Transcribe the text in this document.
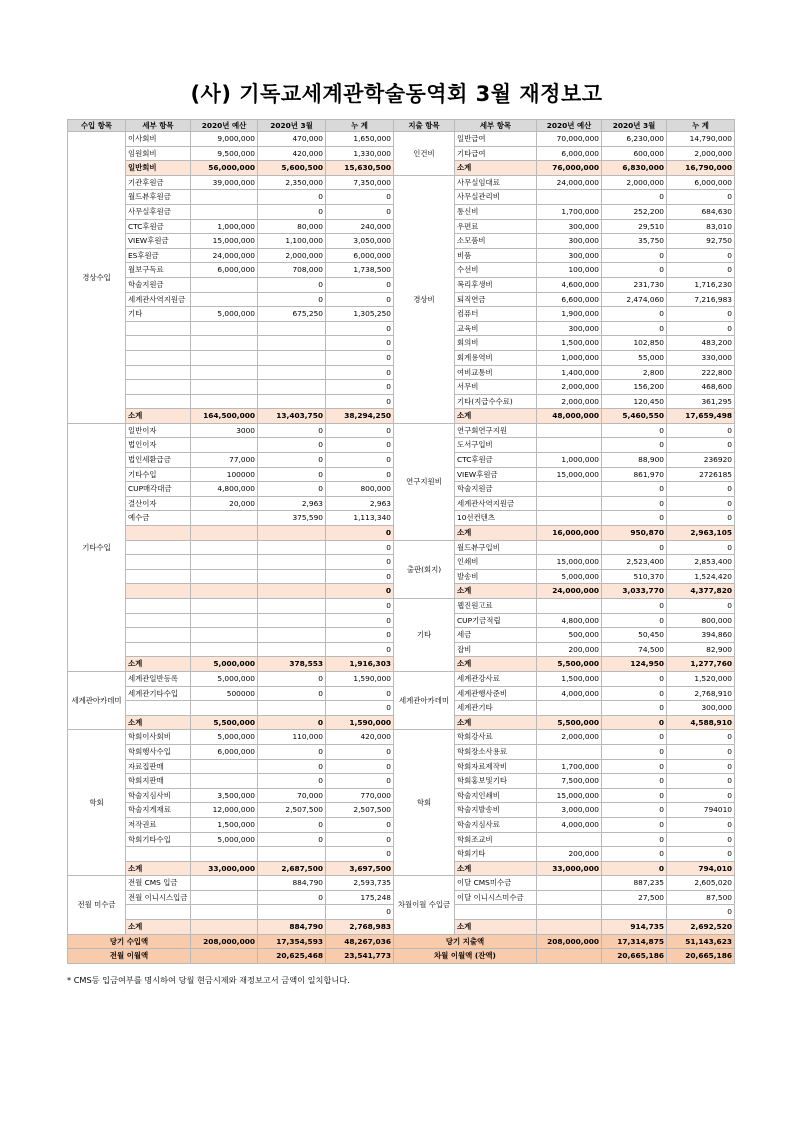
(사) 기독교세계관학술동역회 3월 재정보고
수입 항목	세부 항목	2020년 예산	2020년 3월	누 계	지출 항목	세부 항목	2020년 예산	2020년 3월	누 계
경상수입	이사회비	9,000,000	470,000	1,650,000	인건비	일반급여	70,000,000	6,230,000	14,790,000
	임원회비	9,500,000	420,000	1,330,000		기타급여	6,000,000	600,000	2,000,000
	일반회비	56,000,000	5,600,500	15,630,500		소계	76,000,000	6,830,000	16,790,000
	기관후원금	39,000,000	2,350,000	7,350,000	경상비	사무실임대료	24,000,000	2,000,000	6,000,000
	월드뷰후원금		0	0		사무실관리비		0	0
	사무실후원금		0	0		통신비	1,700,000	252,200	684,630
	CTC후원금	1,000,000	80,000	240,000		우편료	300,000	29,510	83,010
	VIEW후원금	15,000,000	1,100,000	3,050,000		소모품비	300,000	35,750	92,750
	ES후원금	24,000,000	2,000,000	6,000,000		비품	300,000	0	0
	월보구독료	6,000,000	708,000	1,738,500		수선비	100,000	0	0
	학술지원금		0	0		복리후생비	4,600,000	231,730	1,716,230
	세계관사역지원금		0	0		퇴직연금	6,600,000	2,474,060	7,216,983
	기타	5,000,000	675,250	1,305,250		컴퓨터	1,900,000	0	0
				0		교육비	300,000	0	0
				0		회의비	1,500,000	102,850	483,200
				0		회계용역비	1,000,000	55,000	330,000
				0		여비교통비	1,400,000	2,800	222,800
				0		서무비	2,000,000	156,200	468,600
				0		기타(지급수수료)	2,000,000	120,450	361,295
	소계	164,500,000	13,403,750	38,294,250		소계	48,000,000	5,460,550	17,659,498
기타수입	일반이자	3000	0	0	연구지원비	연구회연구지원		0	0
	법인이자		0	0		도서구입비		0	0
	법인세환급금	77,000	0	0		CTC후원금	1,000,000	88,900	236920
	기타수입	100000	0	0		VIEW후원금	15,000,000	861,970	2726185
	CUP매각대금	4,800,000	0	800,000		학술지원금		0	0
	결산이자	20,000	2,963	2,963		세계관사역지원금		0	0
	예수금		375,590	1,113,340		10선컨텐츠		0	0
				0		소계	16,000,000	950,870	2,963,105
				0	출판(회지)	월드뷰구입비		0	0
				0		인쇄비	15,000,000	2,523,400	2,853,400
				0		발송비	5,000,000	510,370	1,524,420
				0		소계	24,000,000	3,033,770	4,377,820
				0	기타	웹진원고료		0	0
				0		CUP기금적립	4,800,000	0	800,000
				0		세금	500,000	50,450	394,860
				0		잡비	200,000	74,500	82,900
	소계	5,000,000	378,553	1,916,303		소계	5,500,000	124,950	1,277,760
세계관아카데미	세계관일반등록	5,000,000	0	1,590,000	세계관아카데미	세계관강사료	1,500,000	0	1,520,000
	세계관기타수입	500000	0	0		세계관행사준비	4,000,000	0	2,768,910
				0		세계관기타		0	300,000
	소계	5,500,000	0	1,590,000		소계	5,500,000	0	4,588,910
학회	학회이사회비	5,000,000	110,000	420,000	학회	학회강사료	2,000,000	0	0
	학회행사수입	6,000,000	0	0		학회장소사용료		0	0
	자료집판매		0	0		학회자료제작비	1,700,000	0	0
	학회지판매		0	0		학회홍보및기타	7,500,000	0	0
	학술지심사비	3,500,000	70,000	770,000		학술지인쇄비	15,000,000	0	0
	학술지게재료	12,000,000	2,507,500	2,507,500		학술지발송비	3,000,000	0	794010
	저작권료	1,500,000	0	0		학술지심사료	4,000,000	0	0
	학회기타수입	5,000,000	0	0		학회조교비		0	0
				0		학회기타	200,000	0	0
	소계	33,000,000	2,687,500	3,697,500		소계	33,000,000	0	794,010
전월 미수금	전월 CMS 입금		884,790	2,593,735	차월이월 수입금	이달 CMS미수금		887,235	2,605,020
	전월 이니시스입금		0	175,248		이달 이니시스미수금		27,500	87,500
				0					0
	소계		884,790	2,768,983		소계		914,735	2,692,520
당기 수입액		208,000,000	17,354,593	48,267,036	당기 지출액		208,000,000	17,314,875	51,143,623
전월 이월액			20,625,468	23,541,773	차월 이월액 (잔액)			20,665,186	20,665,186
* CMS등 입금여부를 명시하여 당월 현금시제와 재정보고서 금액이 일치합니다.
